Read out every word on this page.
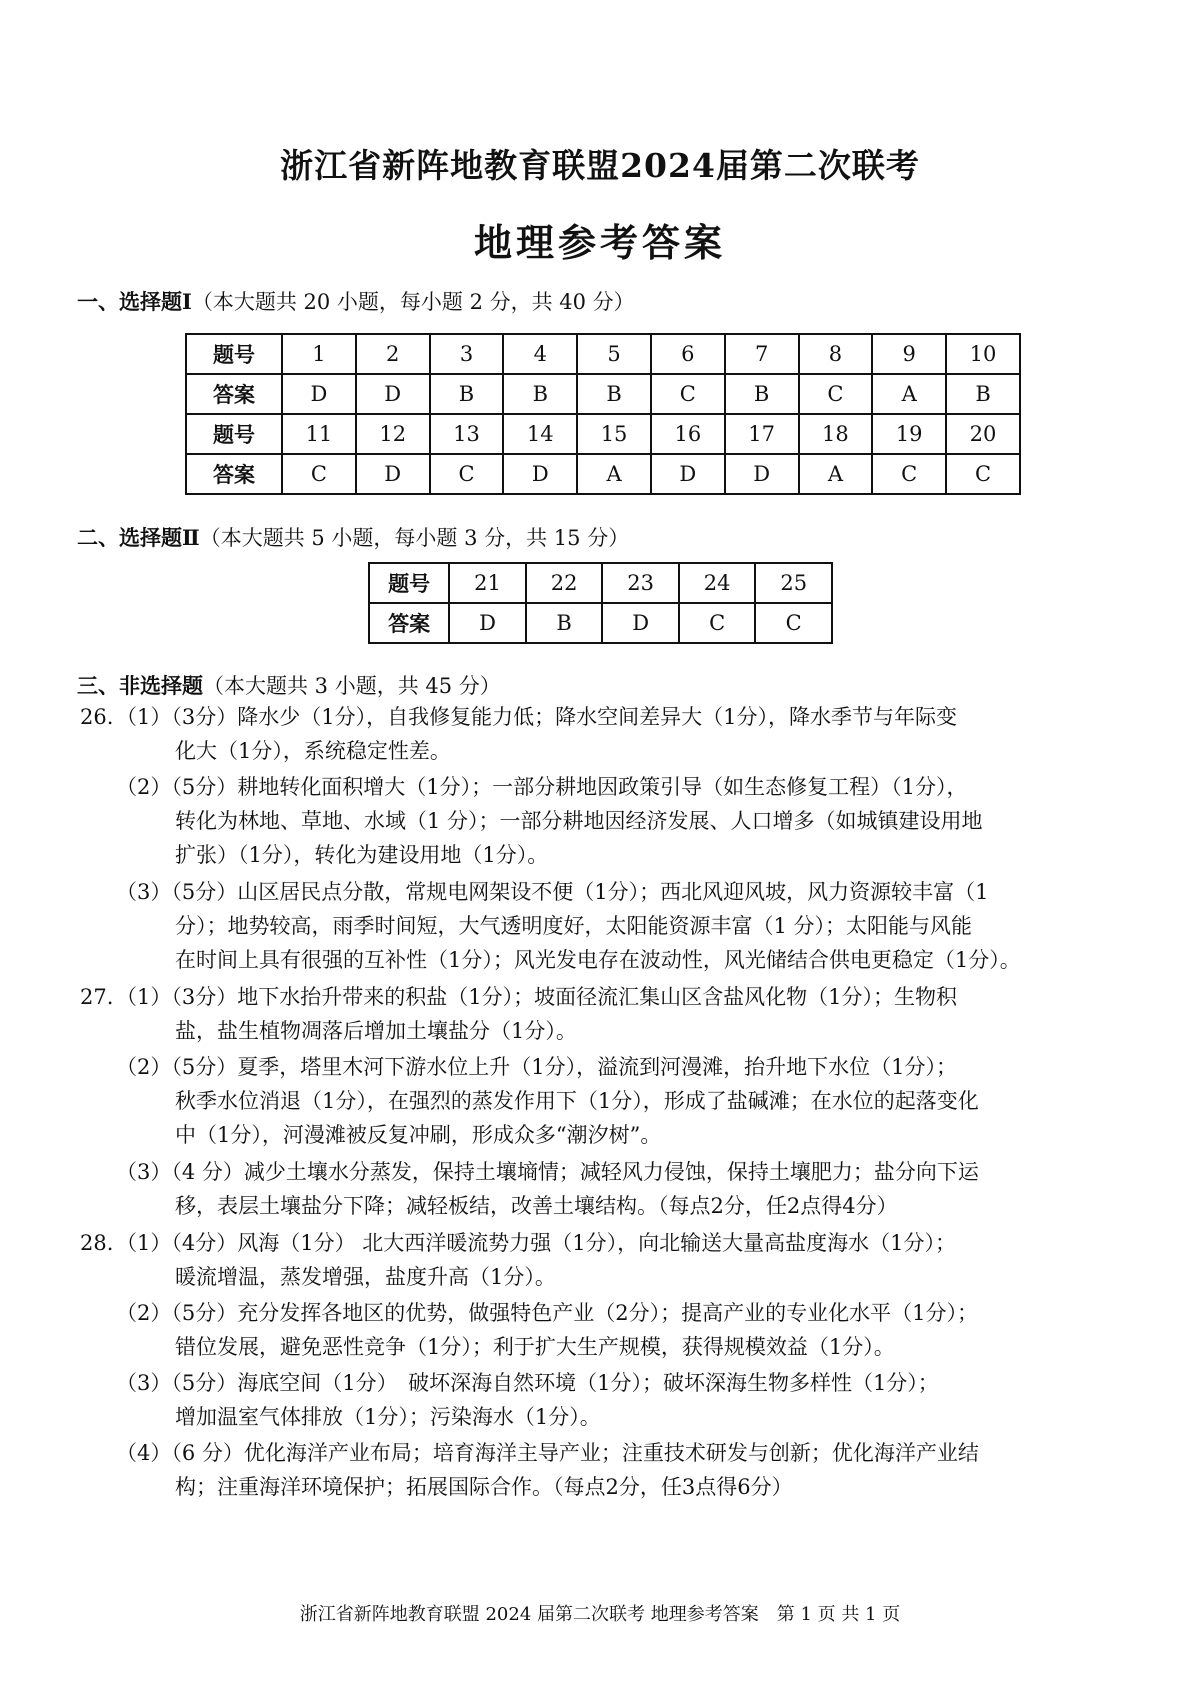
浙江省新阵地教育联盟2024届第二次联考
地理参考答案
一、选择题Ⅰ（本大题共 20 小题，每小题 2 分，共 40 分）
题号	1	2	3	4	5	6	7	8	9	10
答案	D	D	B	B	B	C	B	C	A	B
题号	11	12	13	14	15	16	17	18	19	20
答案	C	D	C	D	A	D	D	A	C	C
二、选择题Ⅱ（本大题共 5 小题，每小题 3 分，共 15 分）
题号	21	22	23	24	25
答案	D	B	D	C	C
三、非选择题（本大题共 3 小题，共 45 分）
26. （1）（3分）降水少（1分），自我修复能力低；降水空间差异大（1分），降水季节与年际变
化大（1分），系统稳定性差。
（2）（5分）耕地转化面积增大（1分）；一部分耕地因政策引导（如生态修复工程）（1分），
转化为林地、草地、水域（1 分）；一部分耕地因经济发展、人口增多（如城镇建设用地
扩张）（1分），转化为建设用地（1分）。
（3）（5分）山区居民点分散，常规电网架设不便（1分）；西北风迎风坡，风力资源较丰富（1
分）；地势较高，雨季时间短，大气透明度好，太阳能资源丰富（1 分）；太阳能与风能
在时间上具有很强的互补性（1分）；风光发电存在波动性，风光储结合供电更稳定（1分）。
27. （1）（3分）地下水抬升带来的积盐（1分）；坡面径流汇集山区含盐风化物（1分）；生物积
盐，盐生植物凋落后增加土壤盐分（1分）。
（2）（5分）夏季，塔里木河下游水位上升（1分），溢流到河漫滩，抬升地下水位（1分）；
秋季水位消退（1分），在强烈的蒸发作用下（1分），形成了盐碱滩；在水位的起落变化
中（1分），河漫滩被反复冲刷，形成众多“潮汐树”。
（3）（4 分）减少土壤水分蒸发，保持土壤墒情；减轻风力侵蚀，保持土壤肥力；盐分向下运
移，表层土壤盐分下降；减轻板结，改善土壤结构。（每点2分，任2点得4分）
28. （1）（4分）风海（1分） 北大西洋暖流势力强（1分），向北输送大量高盐度海水（1分）；
暖流增温，蒸发增强，盐度升高（1分）。
（2）（5分）充分发挥各地区的优势，做强特色产业（2分）；提高产业的专业化水平（1分）；
错位发展，避免恶性竞争（1分）；利于扩大生产规模，获得规模效益（1分）。
（3）（5分）海底空间（1分）　破坏深海自然环境（1分）；破坏深海生物多样性（1分）；
增加温室气体排放（1分）；污染海水（1分）。
（4）（6 分）优化海洋产业布局；培育海洋主导产业；注重技术研发与创新；优化海洋产业结
构；注重海洋环境保护；拓展国际合作。（每点2分，任3点得6分）
浙江省新阵地教育联盟 2024 届第二次联考 地理参考答案　第 1 页 共 1 页
